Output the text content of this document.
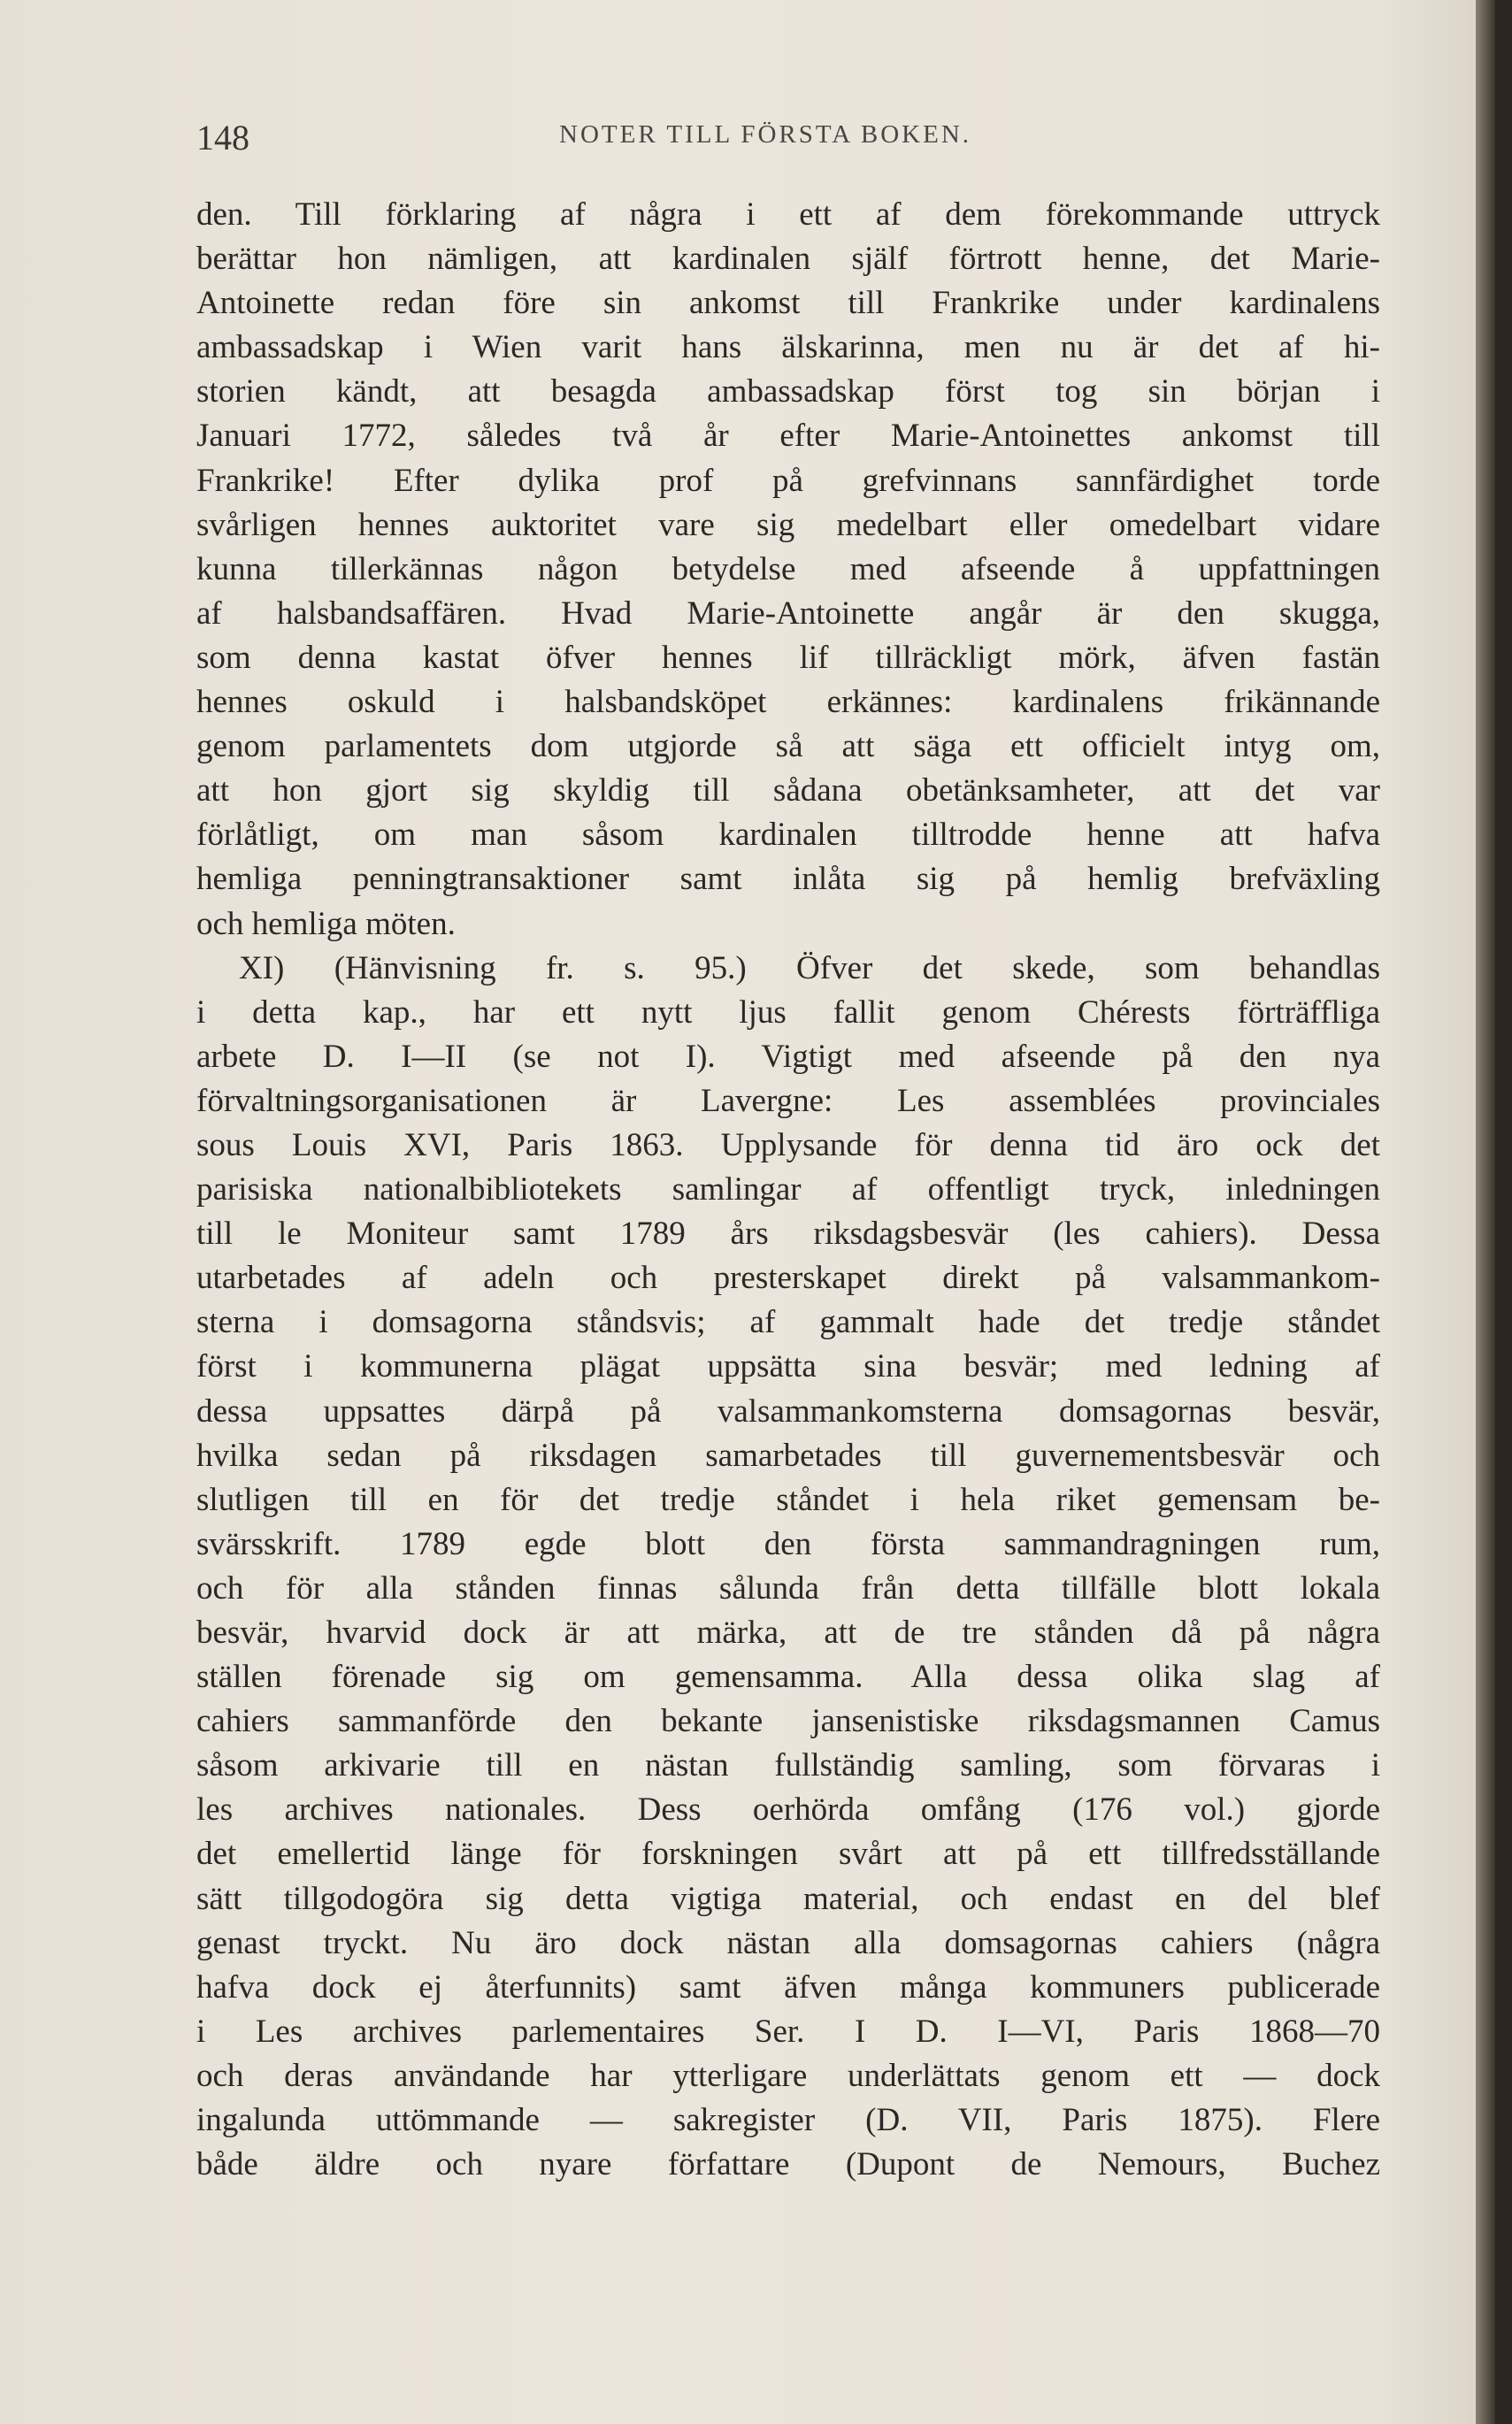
148	NOTER TILL FÖRSTA BOKEN.
den. Till förklaring af några i ett af dem förekommande uttryck
berättar hon nämligen, att kardinalen själf förtrott henne, det Marie-
Antoinette redan före sin ankomst till Frankrike under kardinalens
ambassadskap i Wien varit hans älskarinna, men nu är det af hi-
storien kändt, att besagda ambassadskap först tog sin början i
Januari 1772, således två år efter Marie-Antoinettes ankomst till
Frankrike! Efter dylika prof på grefvinnans sannfärdighet torde
svårligen hennes auktoritet vare sig medelbart eller omedelbart vidare
kunna tillerkännas någon betydelse med afseende å uppfattningen
af halsbandsaffären. Hvad Marie-Antoinette angår är den skugga,
som denna kastat öfver hennes lif tillräckligt mörk, äfven fastän
hennes oskuld i halsbandsköpet erkännes: kardinalens frikännande
genom parlamentets dom utgjorde så att säga ett officielt intyg om,
att hon gjort sig skyldig till sådana obetänksamheter, att det var
förlåtligt, om man såsom kardinalen tilltrodde henne att hafva
hemliga penningtransaktioner samt inlåta sig på hemlig brefväxling
och hemliga möten.
XI) (Hänvisning fr. s. 95.) Öfver det skede, som behandlas
i detta kap., har ett nytt ljus fallit genom Chérests förträffliga
arbete D. I—II (se not I). Vigtigt med afseende på den nya
förvaltningsorganisationen är Lavergne: Les assemblées provinciales
sous Louis XVI, Paris 1863. Upplysande för denna tid äro ock det
parisiska nationalbibliotekets samlingar af offentligt tryck, inledningen
till le Moniteur samt 1789 års riksdagsbesvär (les cahiers). Dessa
utarbetades af adeln och presterskapet direkt på valsammankom-
sterna i domsagorna ståndsvis; af gammalt hade det tredje ståndet
först i kommunerna plägat uppsätta sina besvär; med ledning af
dessa uppsattes därpå på valsammankomsterna domsagornas besvär,
hvilka sedan på riksdagen samarbetades till guvernementsbesvär och
slutligen till en för det tredje ståndet i hela riket gemensam be-
svärsskrift. 1789 egde blott den första sammandragningen rum,
och för alla stånden finnas sålunda från detta tillfälle blott lokala
besvär, hvarvid dock är att märka, att de tre stånden då på några
ställen förenade sig om gemensamma. Alla dessa olika slag af
cahiers sammanförde den bekante jansenistiske riksdagsmannen Camus
såsom arkivarie till en nästan fullständig samling, som förvaras i
les archives nationales. Dess oerhörda omfång (176 vol.) gjorde
det emellertid länge för forskningen svårt att på ett tillfredsställande
sätt tillgodogöra sig detta vigtiga material, och endast en del blef
genast tryckt. Nu äro dock nästan alla domsagornas cahiers (några
hafva dock ej återfunnits) samt äfven många kommuners publicerade
i Les archives parlementaires Ser. I D. I—VI, Paris 1868—70
och deras användande har ytterligare underlättats genom ett — dock
ingalunda uttömmande — sakregister (D. VII, Paris 1875). Flere
både äldre och nyare författare (Dupont de Nemours, Buchez
